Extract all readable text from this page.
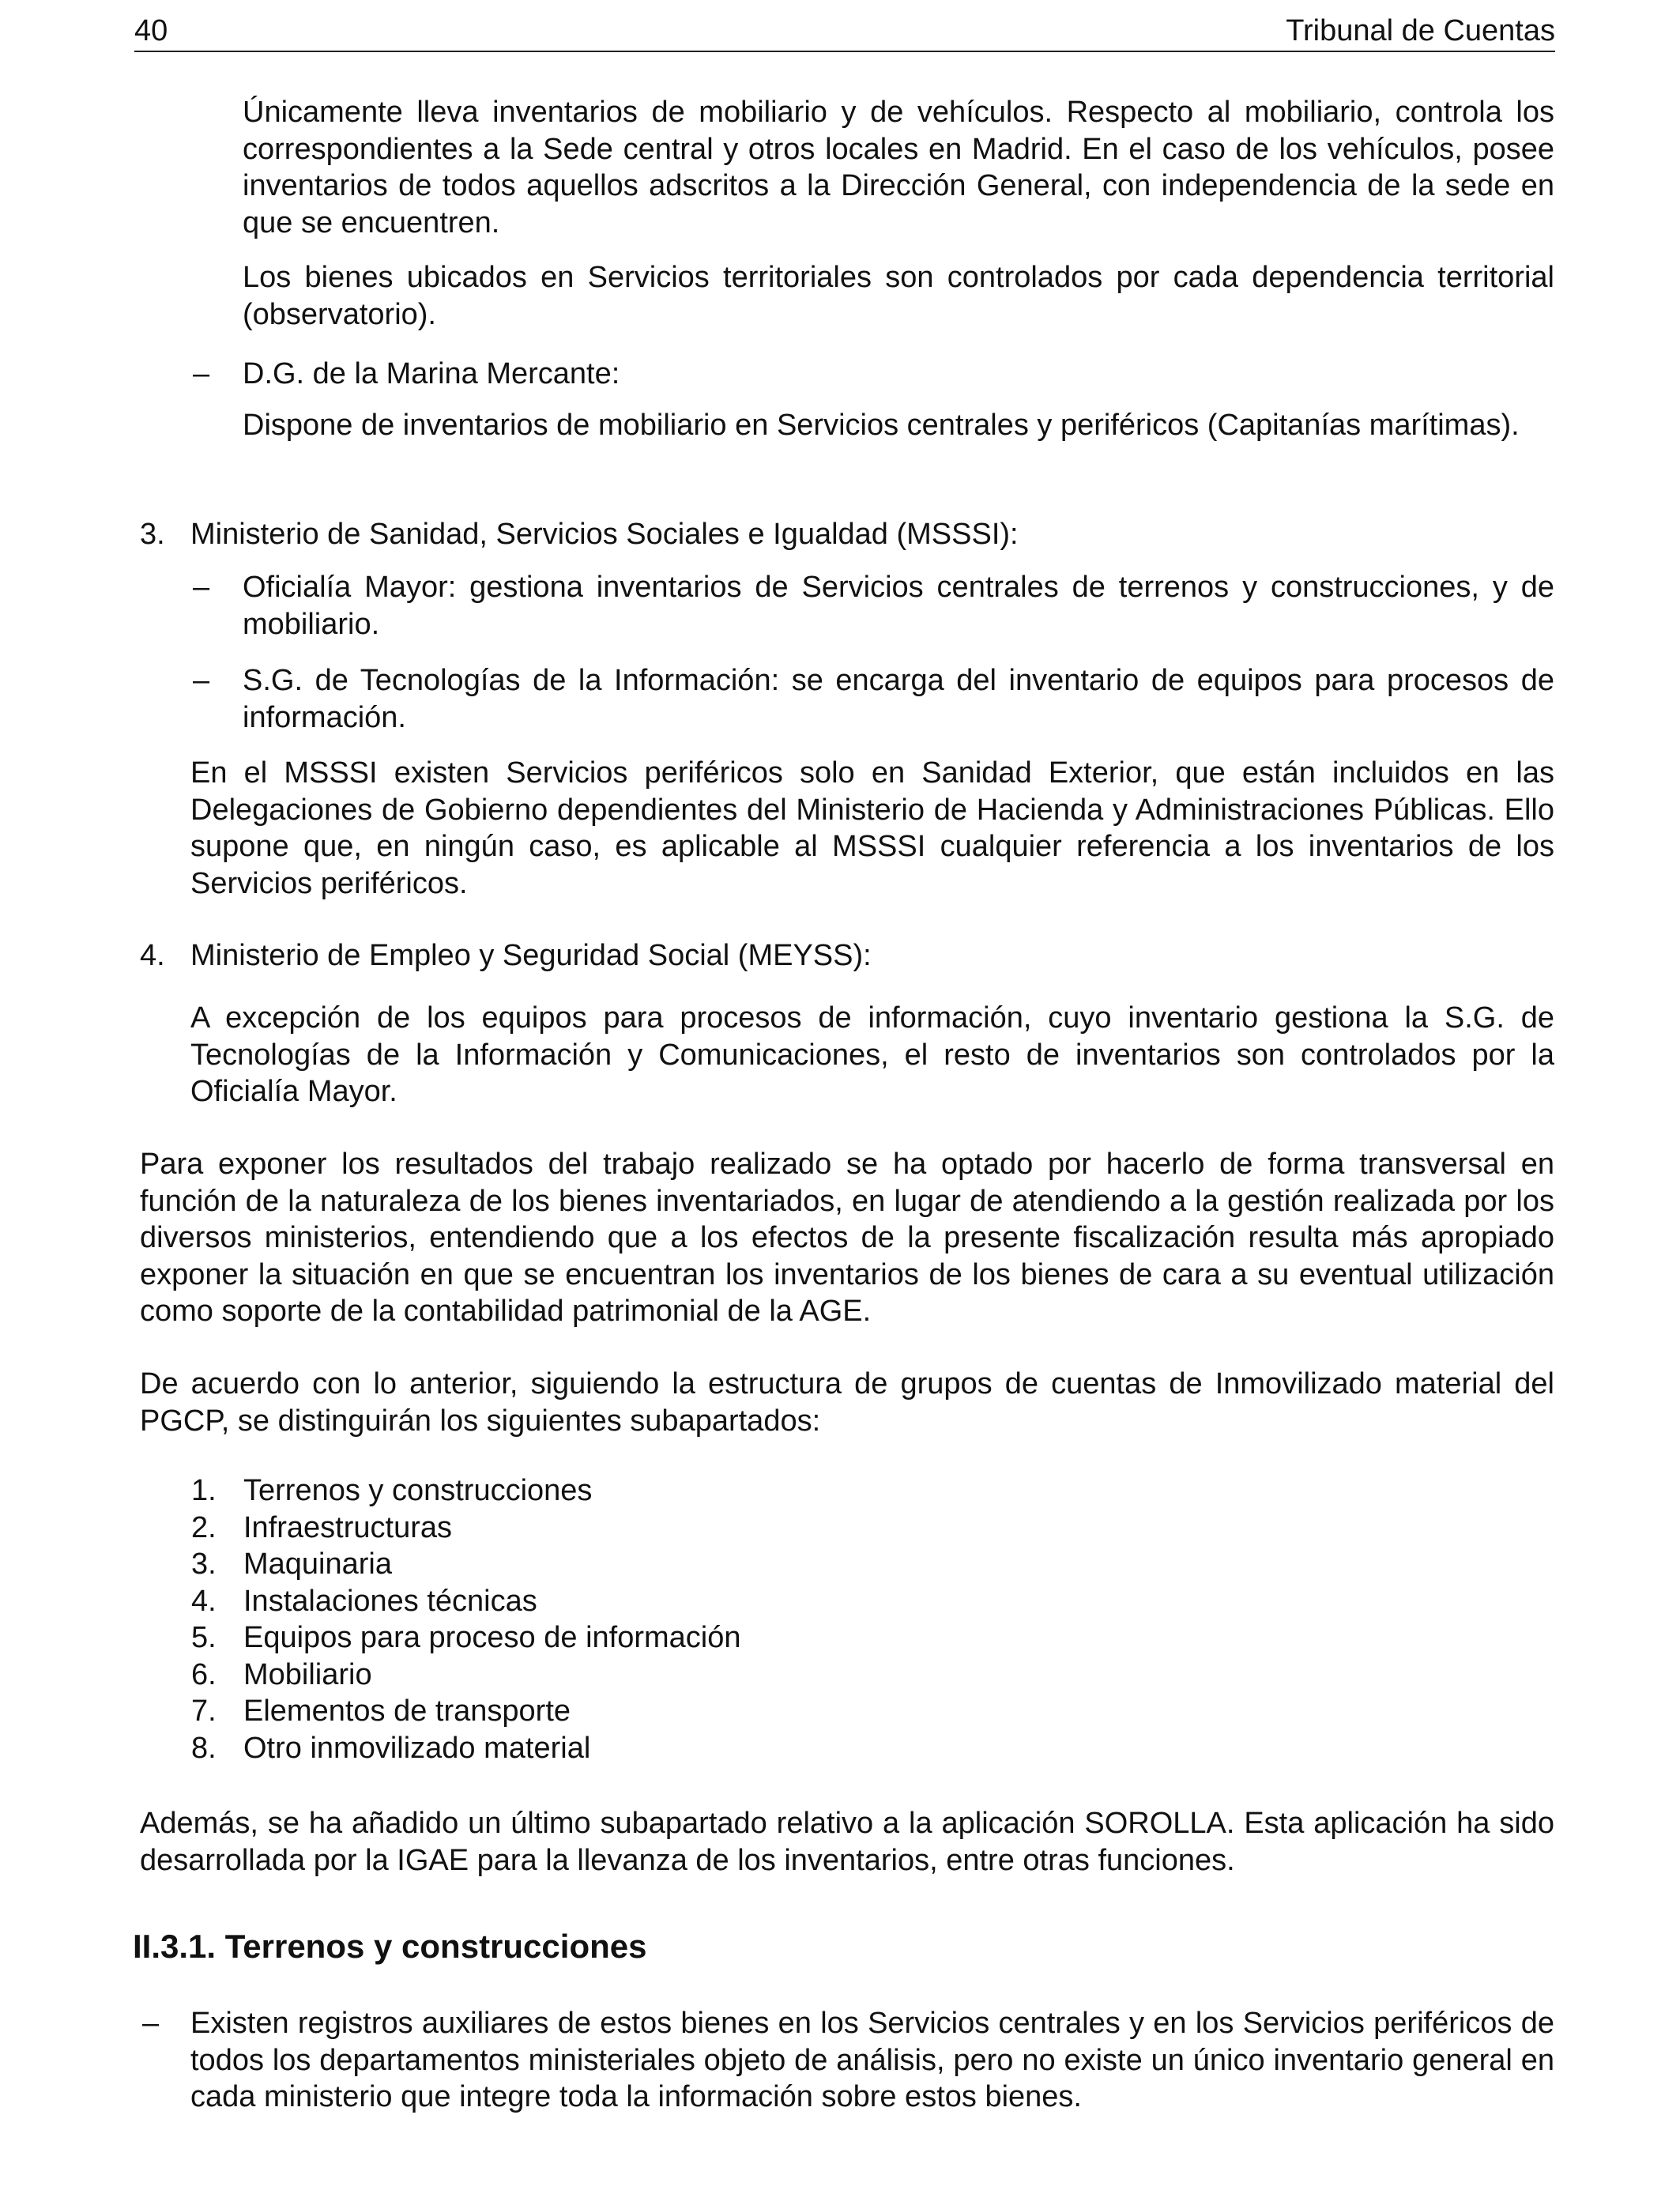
40	Tribunal de Cuentas

Únicamente lleva inventarios de mobiliario y de vehículos. Respecto al mobiliario, controla los correspondientes a la Sede central y otros locales en Madrid. En el caso de los vehículos, posee inventarios de todos aquellos adscritos a la Dirección General, con independencia de la sede en que se encuentren.

Los bienes ubicados en Servicios territoriales son controlados por cada dependencia territorial (observatorio).

– D.G. de la Marina Mercante:

Dispone de inventarios de mobiliario en Servicios centrales y periféricos (Capitanías marítimas).

3. Ministerio de Sanidad, Servicios Sociales e Igualdad (MSSSI):

– Oficialía Mayor: gestiona inventarios de Servicios centrales de terrenos y construcciones, y de mobiliario.

– S.G. de Tecnologías de la Información: se encarga del inventario de equipos para procesos de información.

En el MSSSI existen Servicios periféricos solo en Sanidad Exterior, que están incluidos en las Delegaciones de Gobierno dependientes del Ministerio de Hacienda y Administraciones Públicas. Ello supone que, en ningún caso, es aplicable al MSSSI cualquier referencia a los inventarios de los Servicios periféricos.

4. Ministerio de Empleo y Seguridad Social (MEYSS):

A excepción de los equipos para procesos de información, cuyo inventario gestiona la S.G. de Tecnologías de la Información y Comunicaciones, el resto de inventarios son controlados por la Oficialía Mayor.

Para exponer los resultados del trabajo realizado se ha optado por hacerlo de forma transversal en función de la naturaleza de los bienes inventariados, en lugar de atendiendo a la gestión realizada por los diversos ministerios, entendiendo que a los efectos de la presente fiscalización resulta más apropiado exponer la situación en que se encuentran los inventarios de los bienes de cara a su eventual utilización como soporte de la contabilidad patrimonial de la AGE.

De acuerdo con lo anterior, siguiendo la estructura de grupos de cuentas de Inmovilizado material del PGCP, se distinguirán los siguientes subapartados:

1. Terrenos y construcciones
2. Infraestructuras
3. Maquinaria
4. Instalaciones técnicas
5. Equipos para proceso de información
6. Mobiliario
7. Elementos de transporte
8. Otro inmovilizado material

Además, se ha añadido un último subapartado relativo a la aplicación SOROLLA. Esta aplicación ha sido desarrollada por la IGAE para la llevanza de los inventarios, entre otras funciones.

II.3.1. Terrenos y construcciones
– Existen registros auxiliares de estos bienes en los Servicios centrales y en los Servicios periféricos de todos los departamentos ministeriales objeto de análisis, pero no existe un único inventario general en cada ministerio que integre toda la información sobre estos bienes.
